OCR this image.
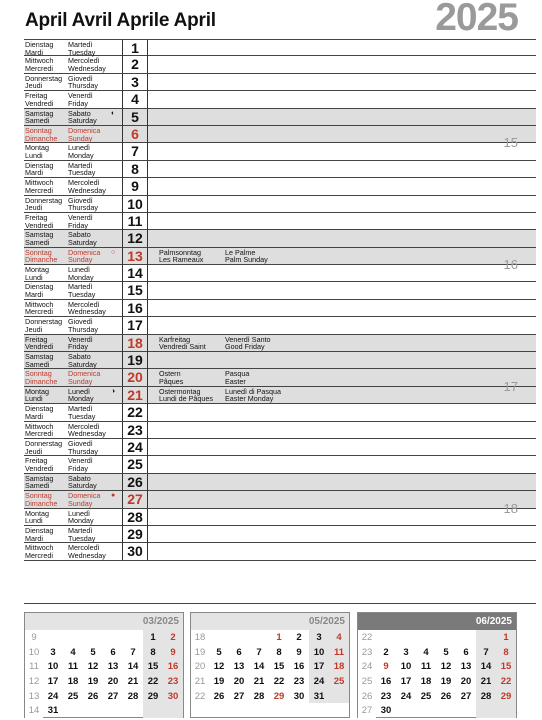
April Avril Aprile April	2025
Dienstag
Mardi
Martedì
Tuesday	1
Mittwoch
Mercredi
Mercoledì
Wednesday	2
Donnerstag
Jeudi
Giovedì
Thursday	3
Freitag
Vendredi
Venerdì
Friday	4
Samstag
Samedi
Sabato
Saturday	5
◐
Sonntag
Dimanche
Domenica
Sunday	6
Montag
Lundi
Lunedì
Monday	7
15
Dienstag
Mardi
Martedì
Tuesday	8
Mittwoch
Mercredi
Mercoledì
Wednesday	9
Donnerstag
Jeudi
Giovedì
Thursday	10
Freitag
Vendredi
Venerdì
Friday	11
Samstag
Samedi
Sabato
Saturday	12
Sonntag
Dimanche
Domenica
Sunday	13
○	Palmsonntag
Les Rameaux
Le Palme
Palm Sunday
Montag
Lundi
Lunedì
Monday	14
16
Dienstag
Mardi
Martedì
Tuesday	15
Mittwoch
Mercredi
Mercoledì
Wednesday	16
Donnerstag
Jeudi
Giovedì
Thursday	17
Freitag
Vendredi
Venerdì
Friday	18	Karfreitag
Vendredi Saint
Venerdì Santo
Good Friday
Samstag
Samedi
Sabato
Saturday	19
Sonntag
Dimanche
Domenica
Sunday	20	Ostern
Pâques
Pasqua
Easter
Montag
Lundi
Lunedì
Monday	21
◑	Ostermontag
Lundi de Pâques
Lunedì di Pasqua
Easter Monday
17
Dienstag
Mardi
Martedì
Tuesday	22
Mittwoch
Mercredi
Mercoledì
Wednesday	23
Donnerstag
Jeudi
Giovedì
Thursday	24
Freitag
Vendredi
Venerdì
Friday	25
Samstag
Samedi
Sabato
Saturday	26
Sonntag
Dimanche
Domenica
Sunday	27
●
Montag
Lundi
Lunedì
Monday	28
18
Dienstag
Mardi
Martedì
Tuesday	29
Mittwoch
Mercredi
Mercoledì
Wednesday	30
03/2025
9						1	2
10	3	4	5	6	7	8	9
11	10	11	12	13	14	15	16
12	17	18	19	20	21	22	23
13	24	25	26	27	28	29	30
14	31						
05/2025
18				1	2	3	4
19	5	6	7	8	9	10	11
20	12	13	14	15	16	17	18
21	19	20	21	22	23	24	25
22	26	27	28	29	30	31	
06/2025
22							1
23	2	3	4	5	6	7	8
24	9	10	11	12	13	14	15
25	16	17	18	19	20	21	22
26	23	24	25	26	27	28	29
27	30						
